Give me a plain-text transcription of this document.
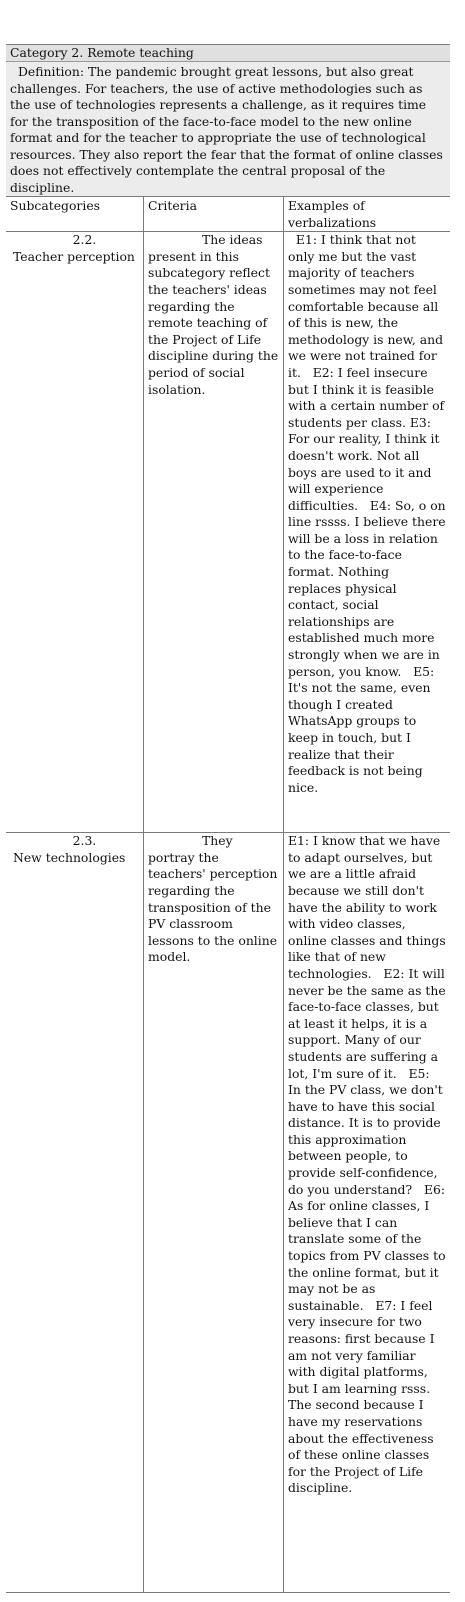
Category 2. Remote teaching
Definition: The pandemic brought great lessons, but also great challenges. For teachers, the use of active methodologies such as the use of technologies represents a challenge, as it requires time for the transposition of the face-to-face model to the new online format and for the teacher to appropriate the use of technological resources. They also report the fear that the format of online classes does not effectively contemplate the central proposal of the discipline.
Subcategories	Criteria	Examples of verbalizations
2.2.
Teacher perception
The ideas present in this subcategory reflect the teachers' ideas regarding the remote teaching of the Project of Life discipline during the period of social isolation.
E1: I think that not only me but the vast majority of teachers sometimes may not feel comfortable because all of this is new, the methodology is new, and we were not trained for it.   E2: I feel insecure but I think it is feasible with a certain number of students per class. E3: For our reality, I think it doesn't work. Not all boys are used to it and will experience difficulties.   E4: So, o on line rssss. I believe there will be a loss in relation to the face-to-face format. Nothing replaces physical contact, social relationships are established much more strongly when we are in person, you know.   E5: It's not the same, even though I created WhatsApp groups to keep in touch, but I realize that their feedback is not being nice.
2.3.
New technologies
They portray the teachers' perception regarding the transposition of the PV classroom lessons to the online model.
E1: I know that we have to adapt ourselves, but we are a little afraid because we still don't have the ability to work with video classes, online classes and things like that of new technologies.   E2: It will never be the same as the face-to-face classes, but at least it helps, it is a support. Many of our students are suffering a lot, I'm sure of it.   E5: In the PV class, we don't have to have this social distance. It is to provide this approximation between people, to provide self-confidence, do you understand?   E6: As for online classes, I believe that I can translate some of the topics from PV classes to the online format, but it may not be as sustainable.   E7: I feel very insecure for two reasons: first because I am not very familiar with digital platforms, but I am learning rsss. The second because I have my reservations about the effectiveness of these online classes for the Project of Life discipline.
